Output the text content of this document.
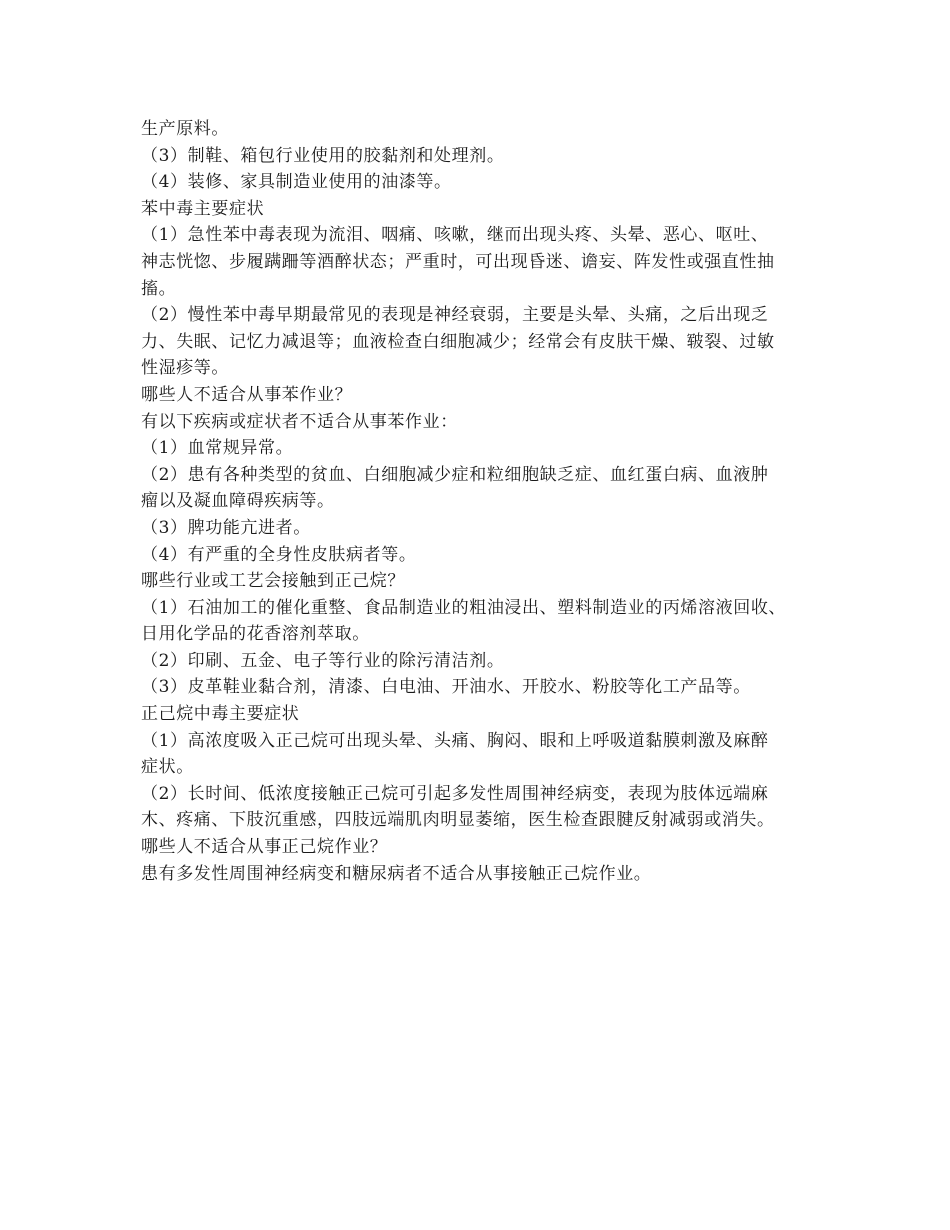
生产原料。
（3）制鞋、箱包行业使用的胶黏剂和处理剂。
（4）装修、家具制造业使用的油漆等。
苯中毒主要症状
（1）急性苯中毒表现为流泪、咽痛、咳嗽，继而出现头疼、头晕、恶心、呕吐、
神志恍惚、步履蹒跚等酒醉状态；严重时，可出现昏迷、谵妄、阵发性或强直性抽
搐。
（2）慢性苯中毒早期最常见的表现是神经衰弱，主要是头晕、头痛，之后出现乏
力、失眠、记忆力减退等；血液检查白细胞减少；经常会有皮肤干燥、皲裂、过敏
性湿疹等。
哪些人不适合从事苯作业？
有以下疾病或症状者不适合从事苯作业：
（1）血常规异常。
（2）患有各种类型的贫血、白细胞减少症和粒细胞缺乏症、血红蛋白病、血液肿
瘤以及凝血障碍疾病等。
（3）脾功能亢进者。
（4）有严重的全身性皮肤病者等。
哪些行业或工艺会接触到正己烷？
（1）石油加工的催化重整、食品制造业的粗油浸出、塑料制造业的丙烯溶液回收、
日用化学品的花香溶剂萃取。
（2）印刷、五金、电子等行业的除污清洁剂。
（3）皮革鞋业黏合剂，清漆、白电油、开油水、开胶水、粉胶等化工产品等。
正己烷中毒主要症状
（1）高浓度吸入正己烷可出现头晕、头痛、胸闷、眼和上呼吸道黏膜刺激及麻醉
症状。
（2）长时间、低浓度接触正己烷可引起多发性周围神经病变，表现为肢体远端麻
木、疼痛、下肢沉重感，四肢远端肌肉明显萎缩，医生检查跟腱反射减弱或消失。
哪些人不适合从事正己烷作业？
患有多发性周围神经病变和糖尿病者不适合从事接触正己烷作业。
